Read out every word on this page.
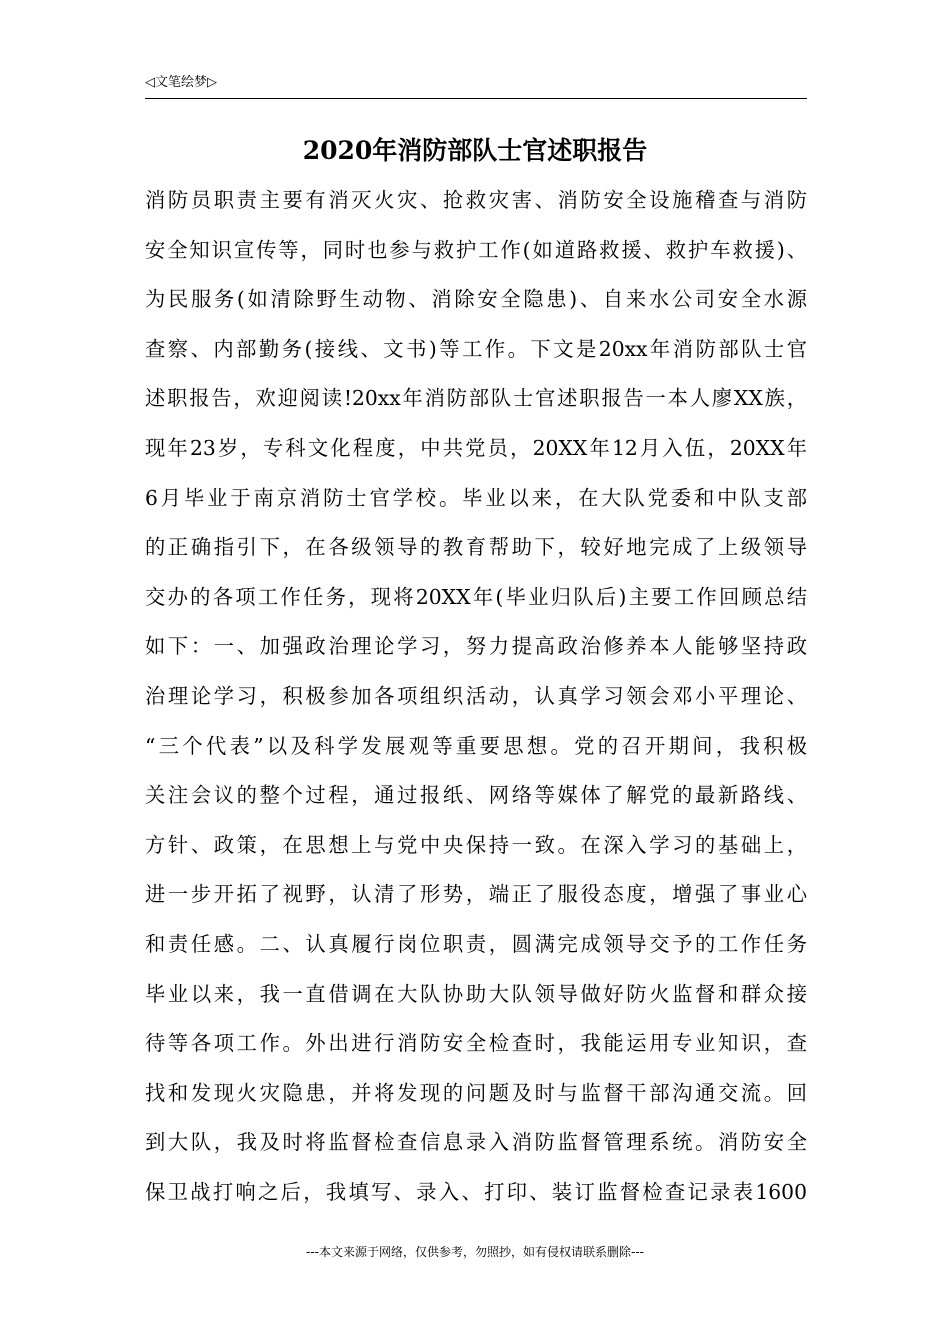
◁文笔绘梦▷
2020年消防部队士官述职报告
消防员职责主要有消灭火灾、抢救灾害、消防安全设施稽查与消防
安全知识宣传等，同时也参与救护工作(如道路救援、救护车救援)、
为民服务(如清除野生动物、消除安全隐患)、自来水公司安全水源
查察、内部勤务(接线、文书)等工作。下文是20xx年消防部队士官
述职报告，欢迎阅读!20xx年消防部队士官述职报告一本人廖XX族，
现年23岁，专科文化程度，中共党员，20XX年12月入伍，20XX年
6月毕业于南京消防士官学校。毕业以来，在大队党委和中队支部
的正确指引下，在各级领导的教育帮助下，较好地完成了上级领导
交办的各项工作任务，现将20XX年(毕业归队后)主要工作回顾总结
如下：一、加强政治理论学习，努力提高政治修养本人能够坚持政
治理论学习，积极参加各项组织活动，认真学习领会邓小平理论、
“三个代表”以及科学发展观等重要思想。党的召开期间，我积极
关注会议的整个过程，通过报纸、网络等媒体了解党的最新路线、
方针、政策，在思想上与党中央保持一致。在深入学习的基础上，
进一步开拓了视野，认清了形势，端正了服役态度，增强了事业心
和责任感。二、认真履行岗位职责，圆满完成领导交予的工作任务
毕业以来，我一直借调在大队协助大队领导做好防火监督和群众接
待等各项工作。外出进行消防安全检查时，我能运用专业知识，查
找和发现火灾隐患，并将发现的问题及时与监督干部沟通交流。回
到大队，我及时将监督检查信息录入消防监督管理系统。消防安全
保卫战打响之后，我填写、录入、打印、装订监督检查记录表1600
---本文来源于网络，仅供参考，勿照抄，如有侵权请联系删除---
